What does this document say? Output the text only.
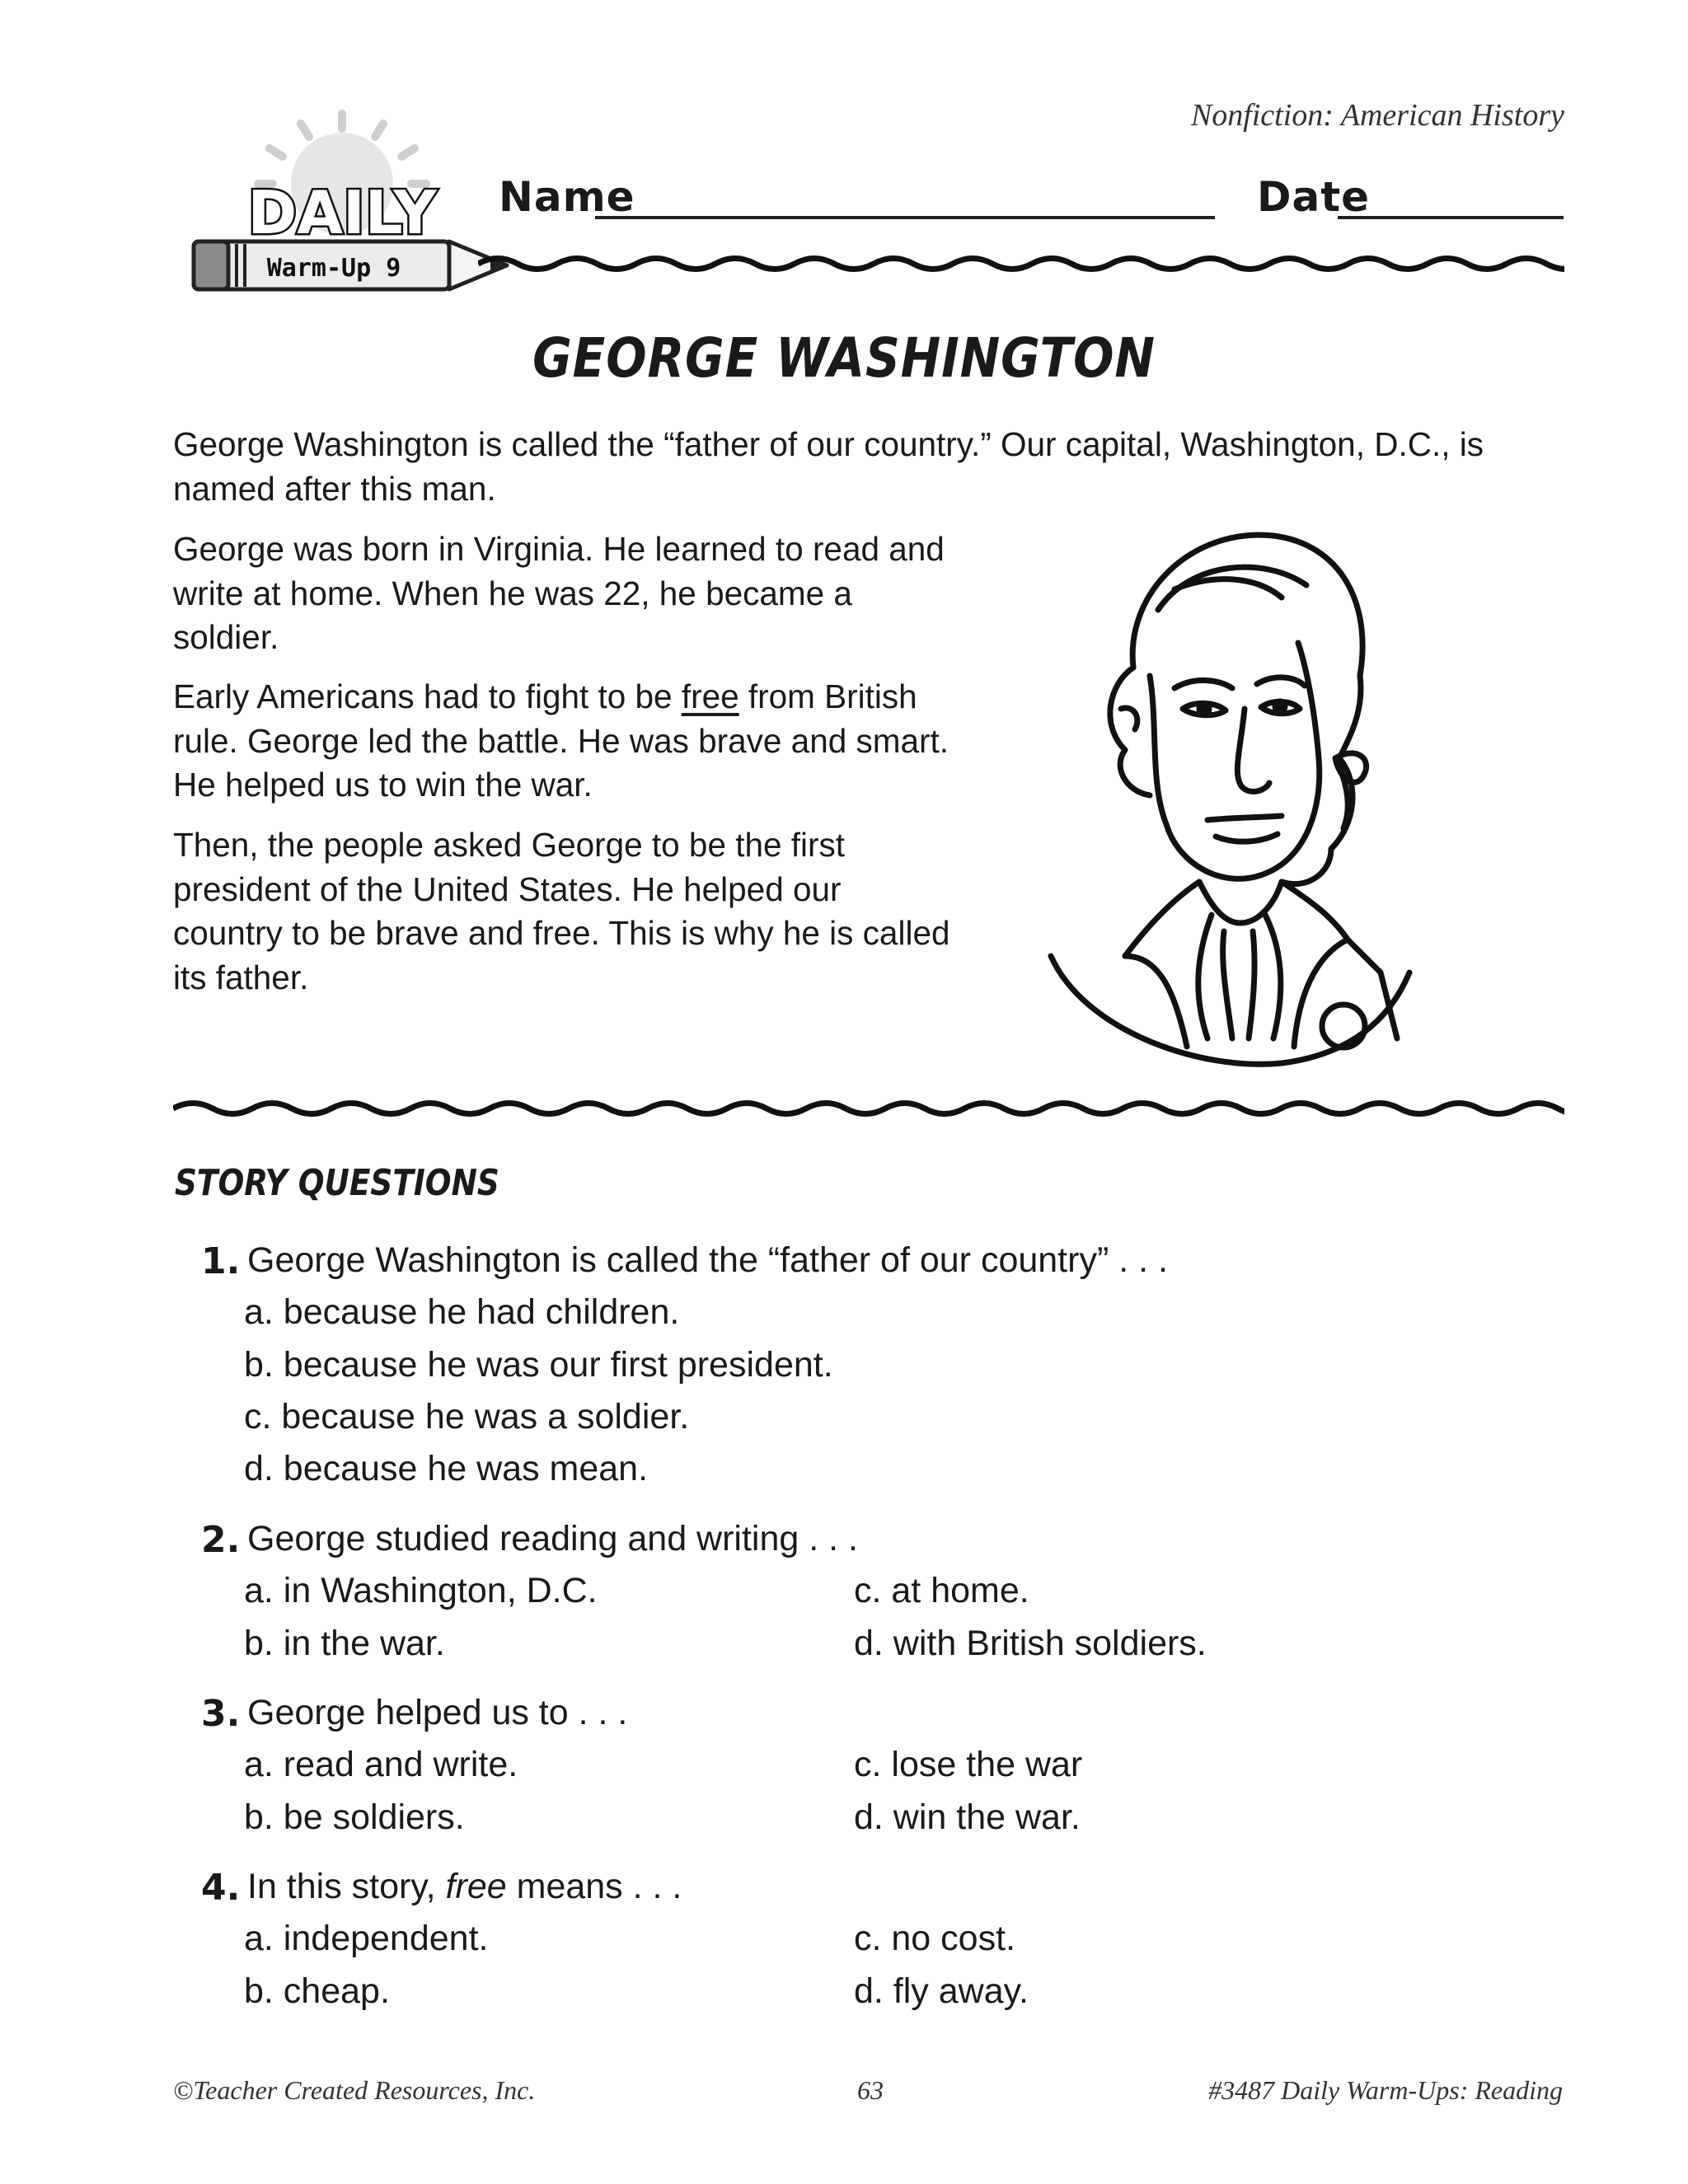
Nonfiction: American History
DAILY
Warm-Up 9
Name	Date
GEORGE WASHINGTON
George Washington is called the “father of our country.” Our capital, Washington, D.C., is named after this man.
George was born in Virginia. He learned to read and write at home. When he was 22, he became a soldier.
Early Americans had to fight to be free from British rule. George led the battle. He was brave and smart. He helped us to win the war.
Then, the people asked George to be the first president of the United States. He helped our country to be brave and free. This is why he is called its father.
STORY QUESTIONS
1. George Washington is called the “father of our country” . . .
a. because he had children.
b. because he was our first president.
c. because he was a soldier.
d. because he was mean.
2. George studied reading and writing . . .
a. in Washington, D.C.	c. at home.
b. in the war.	d. with British soldiers.
3. George helped us to . . .
a. read and write.	c. lose the war
b. be soldiers.	d. win the war.
4. In this story, free means . . .
a. independent.	c. no cost.
b. cheap.	d. fly away.
©Teacher Created Resources, Inc.	63	#3487 Daily Warm-Ups: Reading
